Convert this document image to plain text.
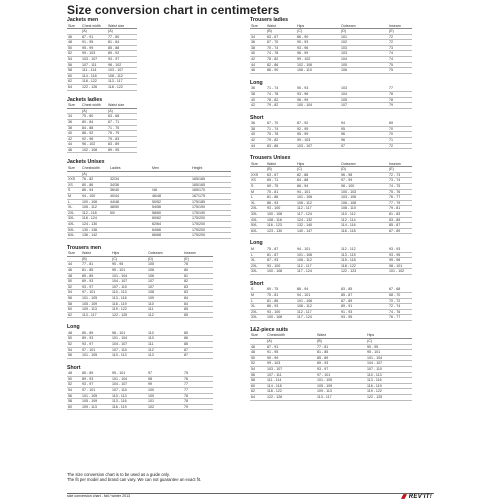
Size conversion chart in centimeters
Jackets men
Size	Chest width	Waist size
	(A)	(A)
46	87 - 91	77 - 80
48	91 - 95	81 - 84
50	95 - 99	85 - 88
52	99 - 103	89 - 92
54	103 - 107	93 - 97
56	107 - 111	98 - 102
58	111 - 114	103 - 107
60	114 - 118	108 - 112
62	118 - 122	113 - 117
64	122 - 126	118 - 122
Jackets ladies
Size	Chest width	Waist size
	(A)	(A)
34	75 - 80	63 - 68
36	80 - 84	67 - 71
38	84 - 88	71 - 75
40	88 - 92	75 - 79
42	92 - 96	79 - 83
44	96 - 102	83 - 89
46	102 - 108	89 - 95
Jackets Unisex
Size	Chestwidth	Ladies	Men	Height
	(A)			
XXS	76 - 82	32/34		165/165
XS	80 - 86	34/36		165/165
S	86 - 94	36/40	/46	165/170
M	94 - 100	40/44	46/48	167/175
L	100 - 106	44/48	50/52	175/185
XL	106 - 112	48/50	54/56	175/190
2XL	112 - 118	50/	58/60	175/190
3XL	118 - 124		60/62	175/200
4XL	124 - 130		62/64	175/200
5XL	130 - 136		64/66	175/200
6XL	136 - 142		66/68	175/200
Trousers men
Size	Waist	Hips	Outseam	Inseam
	(B)	(C)	(D)	(E)
44	77 - 81	90 - 95	105	78
46	81 - 85	95 - 101	106	80
48	85 - 89	101 - 104	106	81
50	89 - 93	104 - 107	107	82
52	93 - 97	107 - 110	107	83
54	97 - 101	110 - 113	108	83
56	101 - 105	113 - 116	109	84
58	105 - 109	116 - 119	110	84
60	109 - 113	119 - 122	111	85
62	113 - 117	122 - 125	112	85
Long
48	85 - 89	98 - 101	110	85
50	89 - 93	101 - 104	110	86
52	93 - 97	104 - 107	111	86
54	97 - 101	107 - 110	112	87
56	101 - 105	110 - 113	113	87
Short
48	85 - 89	95 - 101	97	75
50	89 - 93	101 - 104	98	76
52	93 - 97	104 - 107	99	77
54	97 - 101	107 - 110	100	77
56	101 - 105	110 - 113	100	78
58	105 - 109	113 - 116	101	78
60	109 - 113	116 - 119	102	79
Trousers ladies
Size	Waist	Hips	Outseam	Inseam
	(B)	(C)	(D)	(E)
34	63 - 67	86 - 90	101	72
36	67 - 70	90 - 93	102	72
38	70 - 74	93 - 96	103	73
40	74 - 78	96 - 99	103	74
42	78 - 82	99 - 102	104	74
44	82 - 86	102 - 106	105	75
46	86 - 90	106 - 110	106	75
Long
36	71 - 74	90 - 93	103	77
38	74 - 78	93 - 96	104	78
40	78 - 82	96 - 99	105	78
42	79 - 82	100 - 104	107	79
Short
36	67 - 70	87 - 92	94	69
38	71 - 74	92 - 95	95	70
40	75 - 78	95 - 99	96	70
42	79 - 82	99 - 103	96	71
44	83 - 86	103 - 107	97	72
Trousers Unisex
Size	Waist	Hips	Outseam	Inseam
	(B)	(C)	(D)	(E)
XXS	63 - 67	82 - 86	96 - 98	72 - 73
XS	65 - 71	84 - 88	97 - 99	73 - 74
S	69 - 75	86 - 94	98 - 100	74 - 75
M	75 - 81	94 - 101	100 - 103	75 - 76
L	81 - 86	101 - 106	103 - 106	76 - 77
XL	86 - 93	106 - 112	106 - 108	77 - 79
2XL	93 - 100	112 - 117	108 - 110	79 - 81
3XL	100 - 108	117 - 124	110 - 112	81 - 83
4XL	108 - 116	124 - 132	112 - 114	83 - 85
5XL	116 - 123	132 - 140	114 - 116	85 - 87
6XL	123 - 130	140 - 147	116 - 118	87 - 89
Long
M	75 - 87	94 - 101	112 - 112	93 - 93
L	81 - 87	101 - 106	113 - 115	93 - 95
XL	87 - 93	106 - 112	115 - 118	95 - 98
2XL	93 - 100	112 - 117	118 - 122	98 - 101
3XL	100 - 108	117 - 124	122 - 123	101 - 102
Short
S	69 - 75	86 - 94	83 - 85	67 - 68
M	75 - 81	94 - 101	85 - 87	68 - 70
L	81 - 86	101 - 106	87 - 89	70 - 72
XL	86 - 93	106 - 112	89 - 91	72 - 74
2XL	93 - 100	112 - 117	91 - 93	74 - 76
3XL	100 - 108	117 - 124	93 - 95	76 - 77
1&2-piece suits
Size	Chestwidth	Waist	Hips
	(A)	(B)	(C)
46	87 - 91	77 - 81	90 - 95
48	91 - 95	81 - 85	95 - 101
50	95 - 99	85 - 89	101 - 104
52	99 - 103	89 - 93	104 - 107
54	103 - 107	93 - 97	107 - 110
56	107 - 111	97 - 101	110 - 113
58	111 - 114	101 - 105	113 - 116
60	114 - 118	105 - 109	116 - 119
62	118 - 122	109 - 113	119 - 122
64	122 - 126	113 - 117	122 - 125
The size conversion chart is to be used as a guide only.
The fit per model and brand can vary. We can not guarantee an exact fit.
size conversion chart - fall / winter 2013	REV'IT!
